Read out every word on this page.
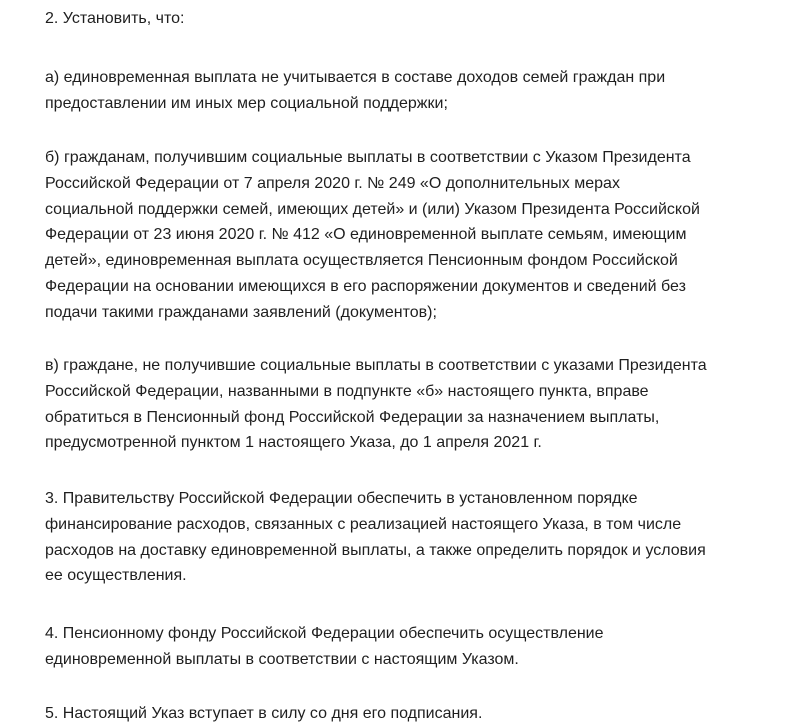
2. Установить, что:

а) единовременная выплата не учитывается в составе доходов семей граждан при
предоставлении им иных мер социальной поддержки;

б) гражданам, получившим социальные выплаты в соответствии с Указом Президента
Российской Федерации от 7 апреля 2020 г. № 249 «О дополнительных мерах
социальной поддержки семей, имеющих детей» и (или) Указом Президента Российской
Федерации от 23 июня 2020 г. № 412 «О единовременной выплате семьям, имеющим
детей», единовременная выплата осуществляется Пенсионным фондом Российской
Федерации на основании имеющихся в его распоряжении документов и сведений без
подачи такими гражданами заявлений (документов);

в) граждане, не получившие социальные выплаты в соответствии с указами Президента
Российской Федерации, названными в подпункте «б» настоящего пункта, вправе
обратиться в Пенсионный фонд Российской Федерации за назначением выплаты,
предусмотренной пунктом 1 настоящего Указа, до 1 апреля 2021 г.

3. Правительству Российской Федерации обеспечить в установленном порядке
финансирование расходов, связанных с реализацией настоящего Указа, в том числе
расходов на доставку единовременной выплаты, а также определить порядок и условия
ее осуществления.

4. Пенсионному фонду Российской Федерации обеспечить осуществление
единовременной выплаты в соответствии с настоящим Указом.

5. Настоящий Указ вступает в силу со дня его подписания.
